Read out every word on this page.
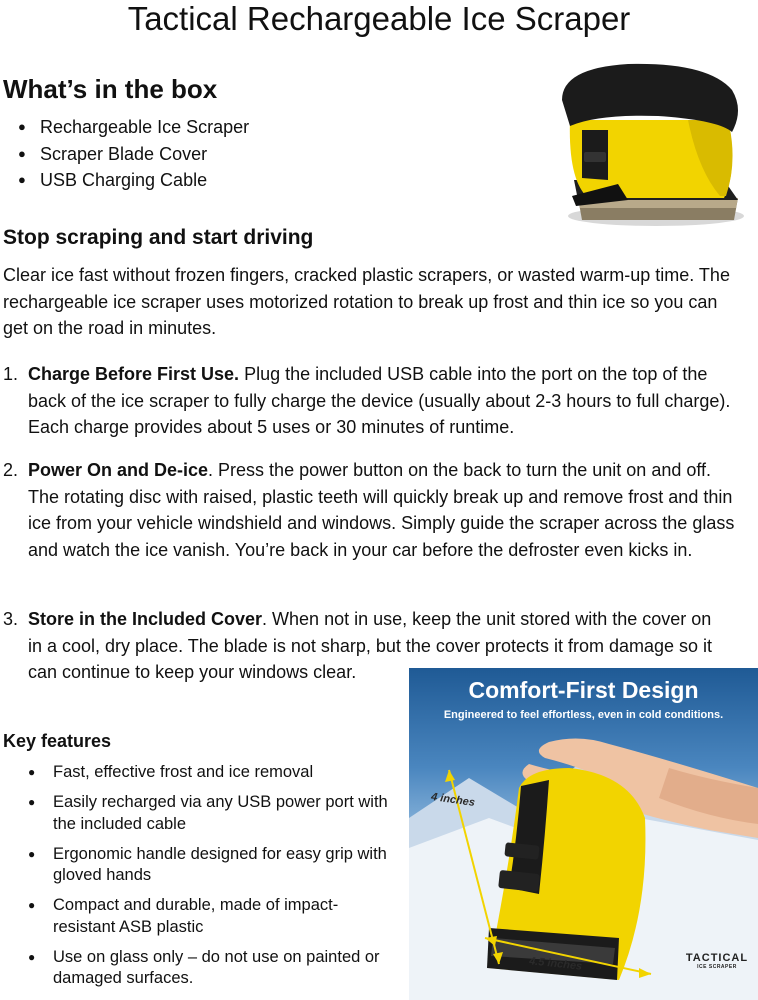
Tactical Rechargeable Ice Scraper
What’s in the box
● Rechargeable Ice Scraper
● Scraper Blade Cover
● USB Charging Cable
Stop scraping and start driving

Clear ice fast without frozen fingers, cracked plastic scrapers, or wasted warm-up time. The rechargeable ice scraper uses motorized rotation to break up frost and thin ice so you can get on the road in minutes.

1. Charge Before First Use. Plug the included USB cable into the port on the top of the back of the ice scraper to fully charge the device (usually about 2-3 hours to full charge). Each charge provides about 5 uses or 30 minutes of runtime.
2. Power On and De-ice. Press the power button on the back to turn the unit on and off. The rotating disc with raised, plastic teeth will quickly break up and remove frost and thin ice from your vehicle windshield and windows. Simply guide the scraper across the glass and watch the ice vanish. You’re back in your car before the defroster even kicks in.
3. Store in the Included Cover. When not in use, keep the unit stored with the cover on in a cool, dry place. The blade is not sharp, but the cover protects it from damage so it can continue to keep your windows clear.
Key features
● Fast, effective frost and ice removal
● Easily recharged via any USB power port with the included cable
● Ergonomic handle designed for easy grip with gloved hands
● Compact and durable, made of impact-resistant ASB plastic
● Use on glass only – do not use on painted or damaged surfaces.

Comfort-First Design

Engineered to feel effortless, even in cold conditions.

4 inches
4.5 inches	TACTICAL
ICE SCRAPER
